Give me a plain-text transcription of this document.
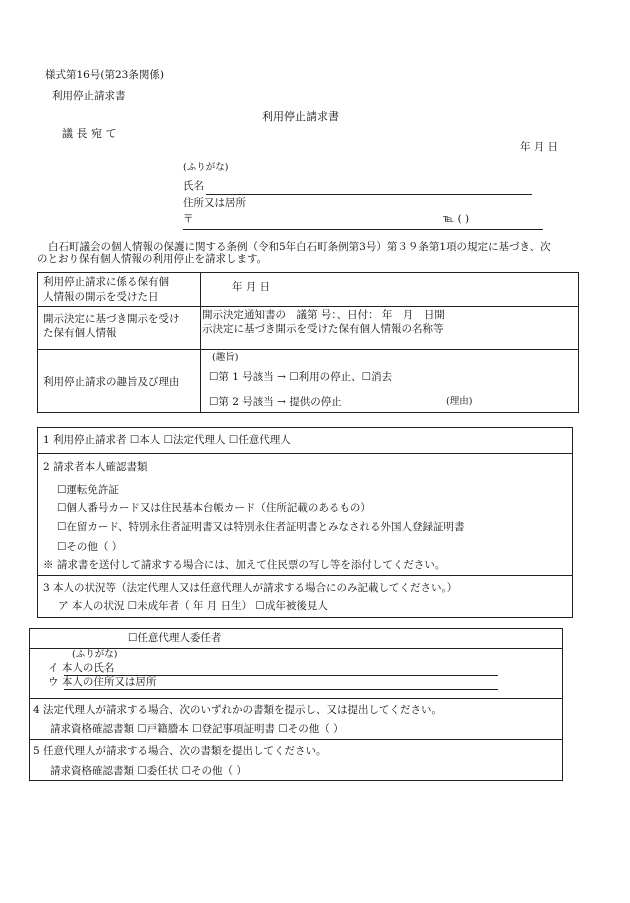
様式第16号(第23条関係)
利用停止請求書
利用停止請求書
議 長 宛 て
年 月 日
(ふりがな)
氏名
住所又は居所
〒	℡ ( )
白石町議会の個人情報の保護に関する条例（令和5年白石町条例第3号）第３９条第1項の規定に基づき、次
のとおり保有個人情報の利用停止を請求します。
利用停止請求に係る保有個
人情報の開示を受けた日
年 月 日
開示決定に基づき開示を受け
た保有個人情報
開示決定通知書の　議第 号：、日付： 年　月　日開
示決定に基づき開示を受けた保有個人情報の名称等
利用停止請求の趣旨及び理由
(趣旨)
☐第 1 号該当 → ☐利用の停止、☐消去
☐第 2 号該当 → 提供の停止	(理由)
1 利用停止請求者 ☐本人 ☐法定代理人 ☐任意代理人
2 請求者本人確認書類
☐運転免許証
☐個人番号カード又は住民基本台帳カード（住所記載のあるもの）
☐在留カード、特別永住者証明書又は特別永住者証明書とみなされる外国人登録証明書
☐その他（ ）
※ 請求書を送付して請求する場合には、加えて住民票の写し等を添付してください。
3 本人の状況等（法定代理人又は任意代理人が請求する場合にのみ記載してください。）
ア 本人の状況 ☐未成年者（ 年 月 日生） ☐成年被後見人
☐任意代理人委任者
(ふりがな)
イ 本人の氏名
ウ 本人の住所又は居所
4 法定代理人が請求する場合、次のいずれかの書類を提示し、又は提出してください。
請求資格確認書類 ☐戸籍謄本 ☐登記事項証明書 ☐その他（ ）
5 任意代理人が請求する場合、次の書類を提出してください。
請求資格確認書類 ☐委任状 ☐その他（ ）
